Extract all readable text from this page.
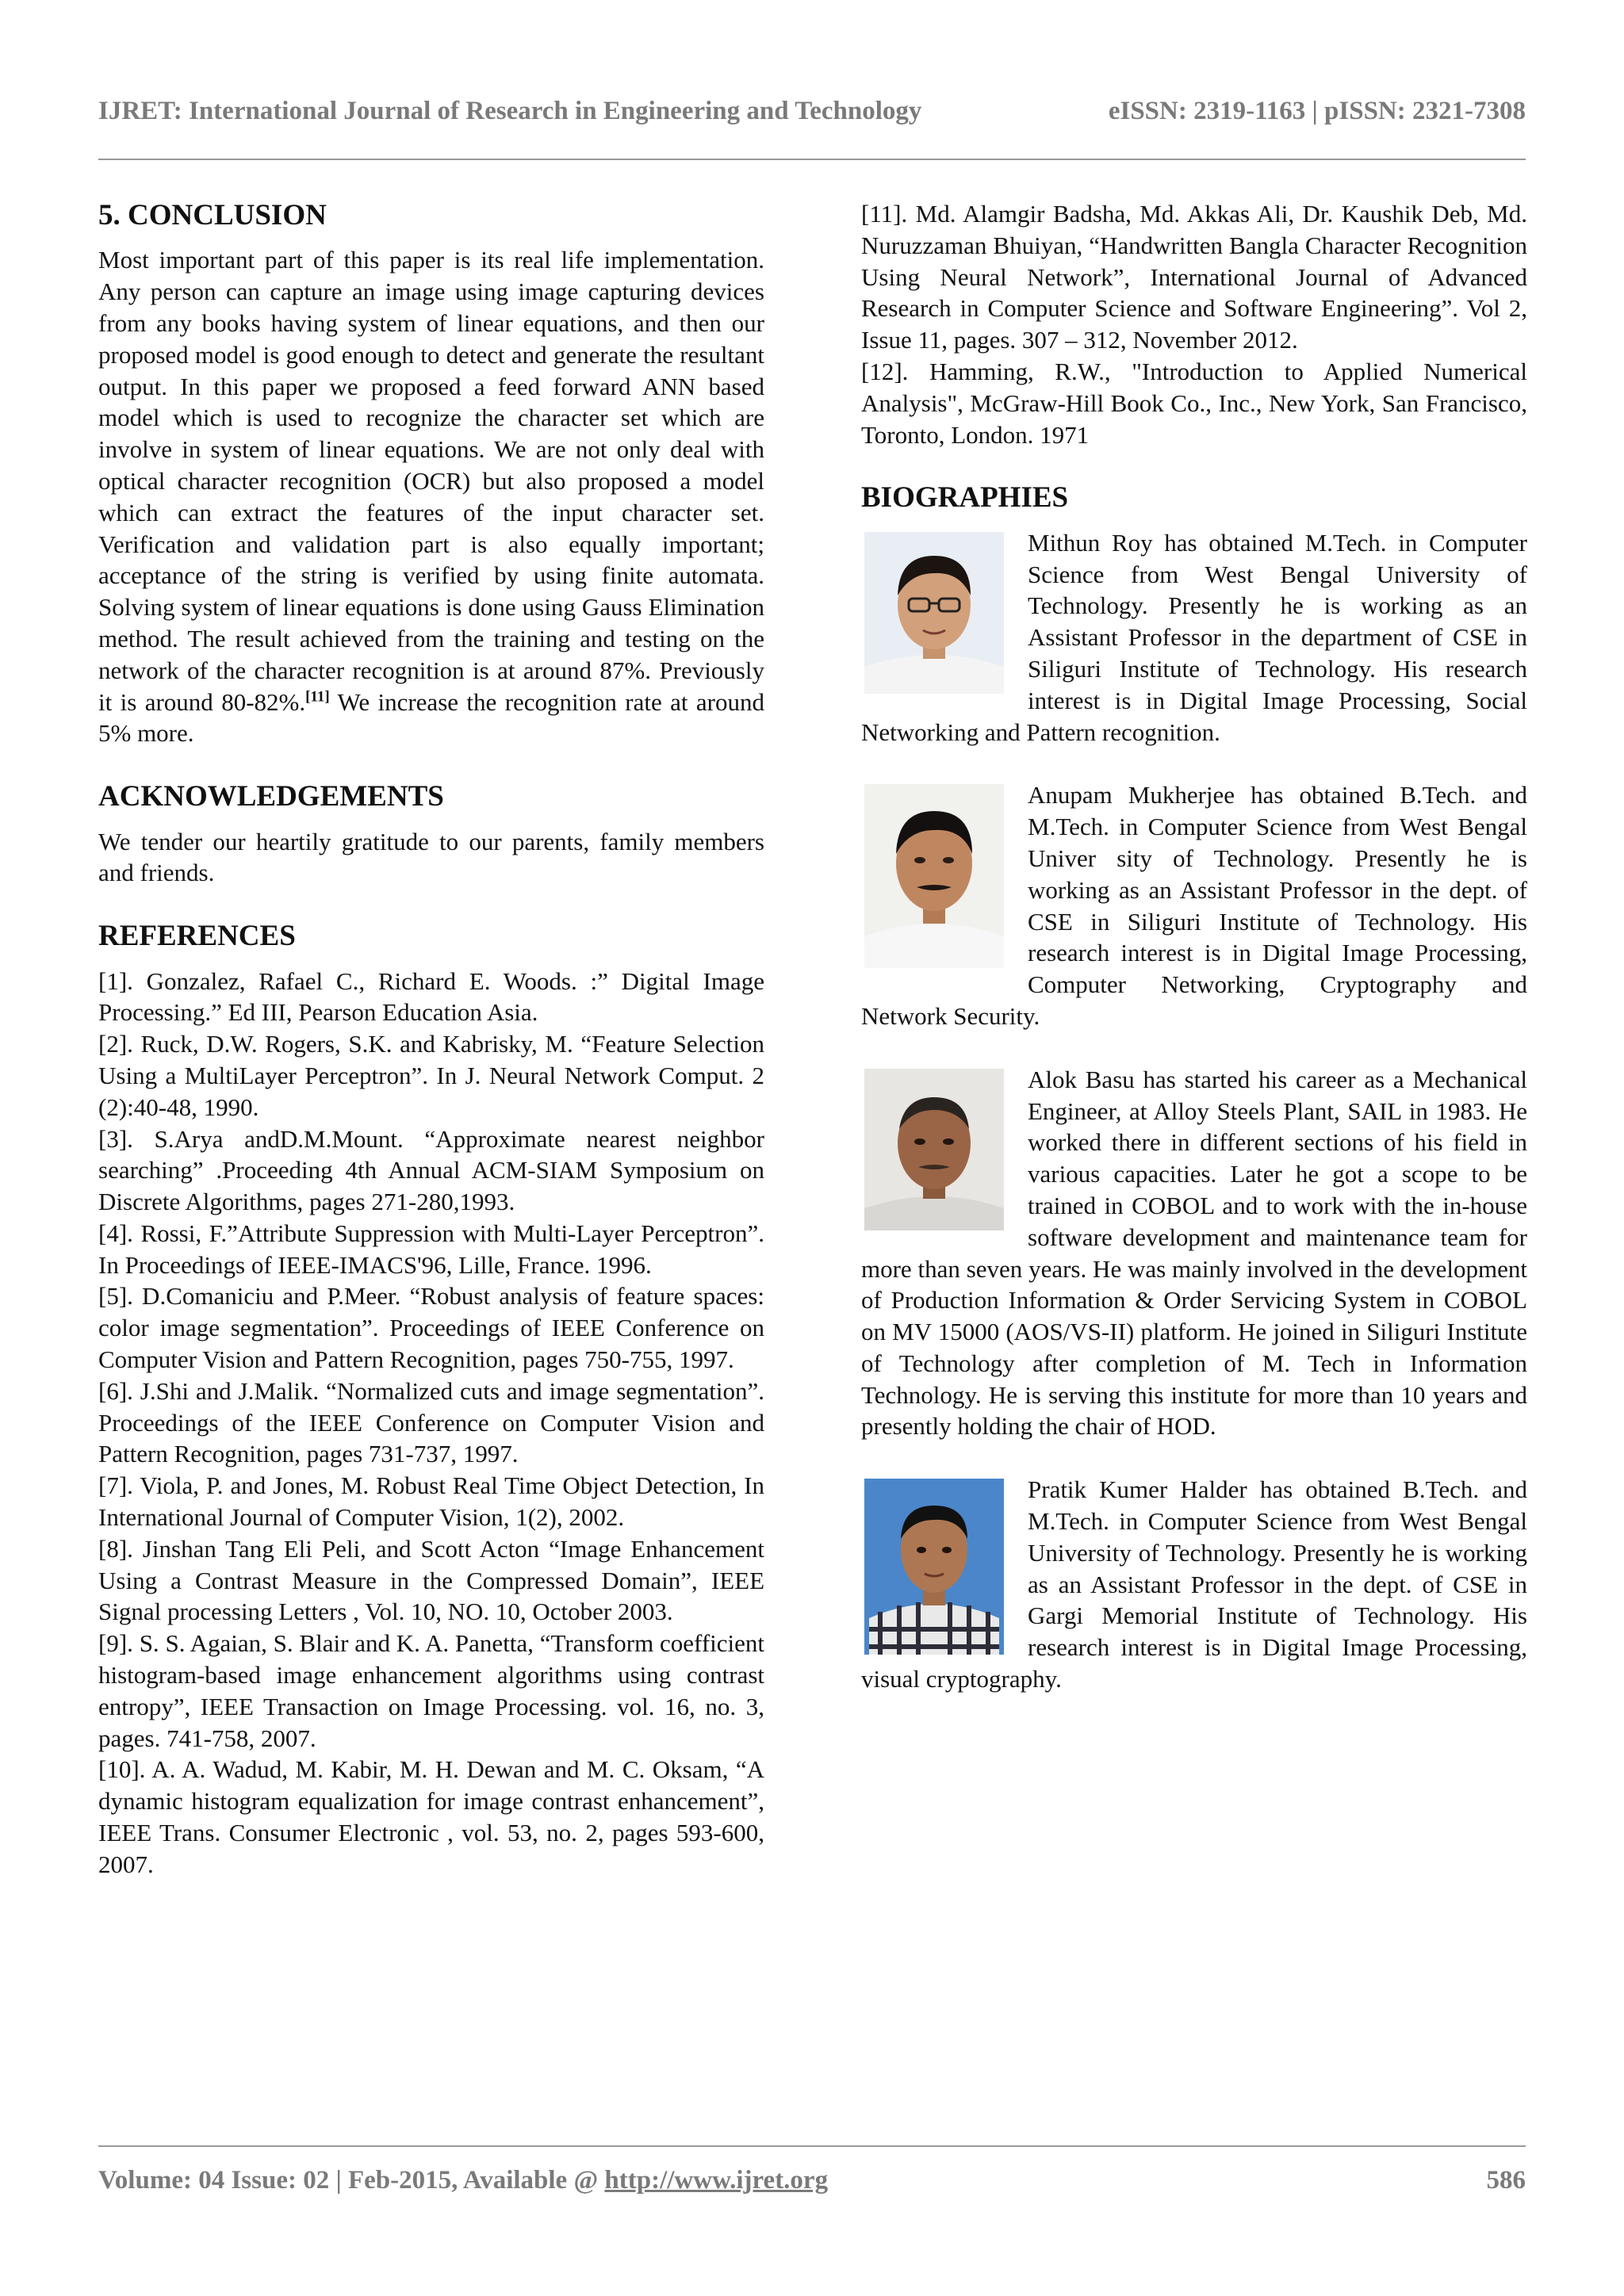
IJRET: International Journal of Research in Engineering and Technology	eISSN: 2319-1163 | pISSN: 2321-7308
5. CONCLUSION

Most important part of this paper is its real life implementation. Any person can capture an image using image capturing devices from any books having system of linear equations, and then our proposed model is good enough to detect and generate the resultant output. In this paper we proposed a feed forward ANN based model which is used to recognize the character set which are involve in system of linear equations. We are not only deal with optical character recognition (OCR) but also proposed a model which can extract the features of the input character set. Verification and validation part is also equally important; acceptance of the string is verified by using finite automata. Solving system of linear equations is done using Gauss Elimination method. The result achieved from the training and testing on the network of the character recognition is at around 87%. Previously it is around 80-82%.[11] We increase the recognition rate at around 5% more.

ACKNOWLEDGEMENTS

We tender our heartily gratitude to our parents, family members and friends.

REFERENCES

[1]. Gonzalez, Rafael C., Richard E. Woods. :” Digital Image Processing.” Ed III, Pearson Education Asia.

[2]. Ruck, D.W. Rogers, S.K. and Kabrisky, M. “Feature Selection Using a MultiLayer Perceptron”. In J. Neural Network Comput. 2 (2):40-48, 1990.

[3]. S.Arya andD.M.Mount. “Approximate nearest neighbor searching” .Proceeding 4th Annual ACM-SIAM Symposium on Discrete Algorithms, pages 271-280,1993.

[4]. Rossi, F.”Attribute Suppression with Multi-Layer Perceptron”. In Proceedings of IEEE-IMACS'96, Lille, France. 1996.

[5]. D.Comaniciu and P.Meer. “Robust analysis of feature spaces: color image segmentation”. Proceedings of IEEE Conference on Computer Vision and Pattern Recognition, pages 750-755, 1997.

[6]. J.Shi and J.Malik. “Normalized cuts and image segmentation”. Proceedings of the IEEE Conference on Computer Vision and Pattern Recognition, pages 731-737, 1997.

[7]. Viola, P. and Jones, M. Robust Real Time Object Detection, In International Journal of Computer Vision, 1(2), 2002.

[8]. Jinshan Tang Eli Peli, and Scott Acton “Image Enhancement Using a Contrast Measure in the Compressed Domain”, IEEE Signal processing Letters , Vol. 10, NO. 10, October 2003.

[9]. S. S. Agaian, S. Blair and K. A. Panetta, “Transform coefficient histogram-based image enhancement algorithms using contrast entropy”, IEEE Transaction on Image Processing. vol. 16, no. 3, pages. 741-758, 2007.

[10]. A. A. Wadud, M. Kabir, M. H. Dewan and M. C. Oksam, “A dynamic histogram equalization for image contrast enhancement”, IEEE Trans. Consumer Electronic , vol. 53, no. 2, pages 593-600, 2007.

[11]. Md. Alamgir Badsha, Md. Akkas Ali, Dr. Kaushik Deb, Md. Nuruzzaman Bhuiyan, “Handwritten Bangla Character Recognition Using Neural Network”, International Journal of Advanced Research in Computer Science and Software Engineering”. Vol 2, Issue 11, pages. 307 – 312, November 2012.

[12]. Hamming, R.W., "Introduction to Applied Numerical Analysis", McGraw-Hill Book Co., Inc., New York, San Francisco, Toronto, London. 1971

BIOGRAPHIES
Mithun Roy has obtained M.Tech. in Computer Science from West Bengal University of Technology. Presently he is working as an Assistant Professor in the department of CSE in Siliguri Institute of Technology. His research interest is in Digital Image Processing, Social Networking and Pattern recognition.
Anupam Mukherjee has obtained B.Tech. and M.Tech. in Computer Science from West Bengal Univer sity of Technology. Presently he is working as an Assistant Professor in the dept. of CSE in Siliguri Institute of Technology. His research interest is in Digital Image Processing, Computer Networking, Cryptography and Network Security.
Alok Basu has started his career as a Mechanical Engineer, at Alloy Steels Plant, SAIL in 1983. He worked there in different sections of his field in various capacities. Later he got a scope to be trained in COBOL and to work with the in-house software development and maintenance team for more than seven years. He was mainly involved in the development of Production Information & Order Servicing System in COBOL on MV 15000 (AOS/VS-II) platform. He joined in Siliguri Institute of Technology after completion of M. Tech in Information Technology. He is serving this institute for more than 10 years and presently holding the chair of HOD.
Pratik Kumer Halder has obtained B.Tech. and M.Tech. in Computer Science from West Bengal University of Technology. Presently he is working as an Assistant Professor in the dept. of CSE in Gargi Memorial Institute of Technology. His research interest is in Digital Image Processing, visual cryptography.
Volume: 04 Issue: 02 | Feb-2015, Available @ http://www.ijret.org	586
